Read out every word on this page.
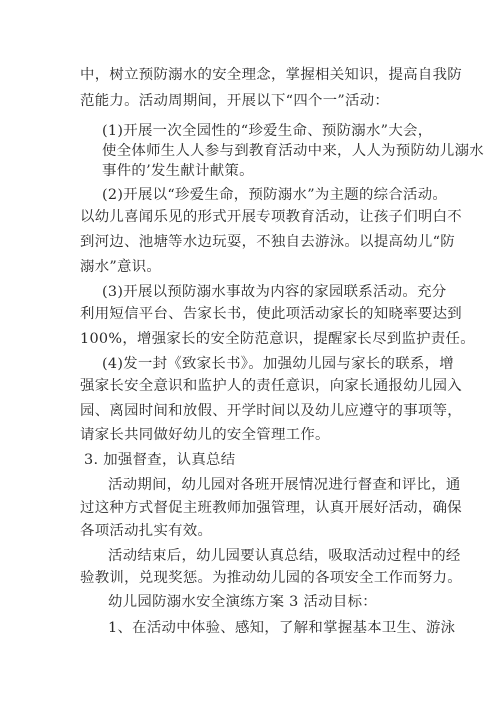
中，树立预防溺水的安全理念，掌握相关知识，提高自我防
范能力。活动周期间，开展以下“四个一”活动：
(1)开展一次全园性的“珍爱生命、预防溺水”大会，
使全体师生人人参与到教育活动中来，人人为预防幼儿溺水
事件的’发生献计献策。
(2)开展以“珍爱生命，预防溺水”为主题的综合活动。
以幼儿喜闻乐见的形式开展专项教育活动，让孩子们明白不
到河边、池塘等水边玩耍，不独自去游泳。以提高幼儿“防
溺水”意识。
(3)开展以预防溺水事故为内容的家园联系活动。充分
利用短信平台、告家长书，使此项活动家长的知晓率要达到
100%，增强家长的安全防范意识，提醒家长尽到监护责任。
(4)发一封《致家长书》。加强幼儿园与家长的联系，增
强家长安全意识和监护人的责任意识，向家长通报幼儿园入
园、离园时间和放假、开学时间以及幼儿应遵守的事项等，
请家长共同做好幼儿的安全管理工作。
3. 加强督查，认真总结
活动期间，幼儿园对各班开展情况进行督查和评比，通
过这种方式督促主班教师加强管理，认真开展好活动，确保
各项活动扎实有效。
活动结束后，幼儿园要认真总结，吸取活动过程中的经
验教训，兑现奖惩。为推动幼儿园的各项安全工作而努力。
幼儿园防溺水安全演练方案 3 活动目标：
1、在活动中体验、感知，了解和掌握基本卫生、游泳
